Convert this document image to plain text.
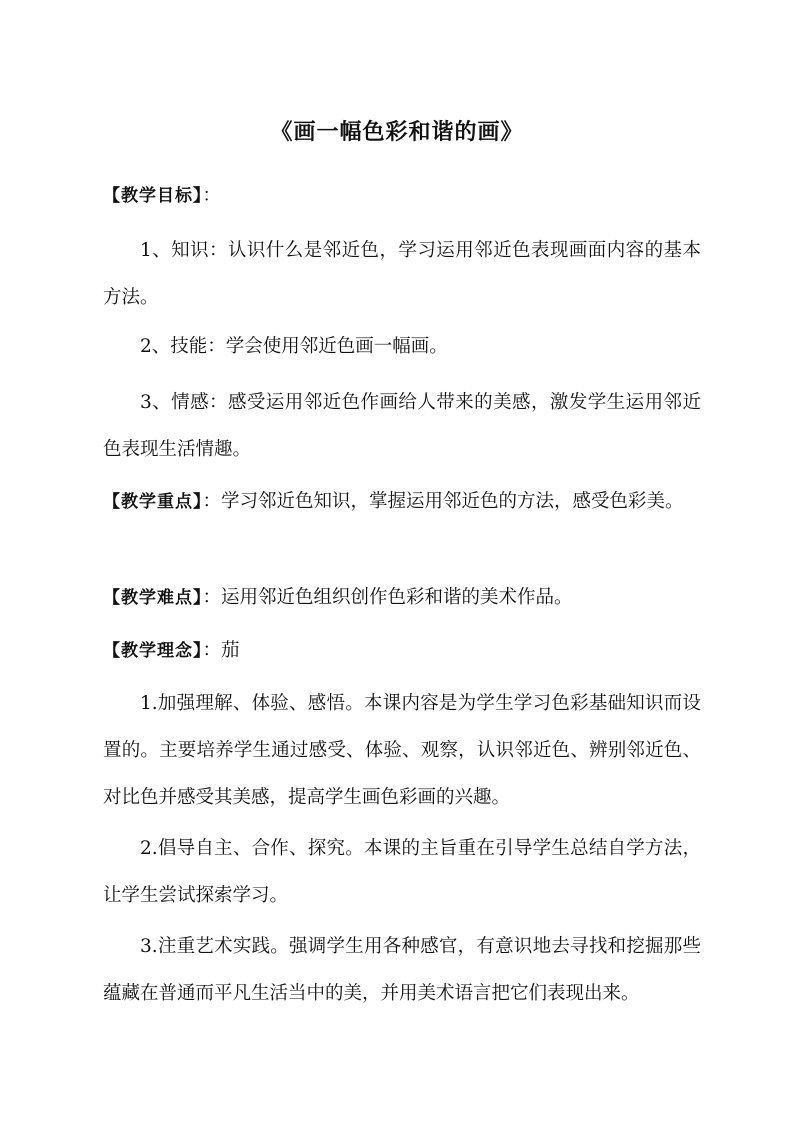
《画一幅色彩和谐的画》

【教学目标】：

1、知识：认识什么是邻近色，学习运用邻近色表现画面内容的基本方法。

2、技能：学会使用邻近色画一幅画。

3、情感：感受运用邻近色作画给人带来的美感，激发学生运用邻近色表现生活情趣。

【教学重点】：学习邻近色知识，掌握运用邻近色的方法，感受色彩美。

【教学难点】：运用邻近色组织创作色彩和谐的美术作品。

【教学理念】：茄

1.加强理解、体验、感悟。本课内容是为学生学习色彩基础知识而设置的。主要培养学生通过感受、体验、观察，认识邻近色、辨别邻近色、对比色并感受其美感，提高学生画色彩画的兴趣。

2.倡导自主、合作、探究。本课的主旨重在引导学生总结自学方法，让学生尝试探索学习。

3.注重艺术实践。强调学生用各种感官，有意识地去寻找和挖掘那些蕴藏在普通而平凡生活当中的美，并用美术语言把它们表现出来。
